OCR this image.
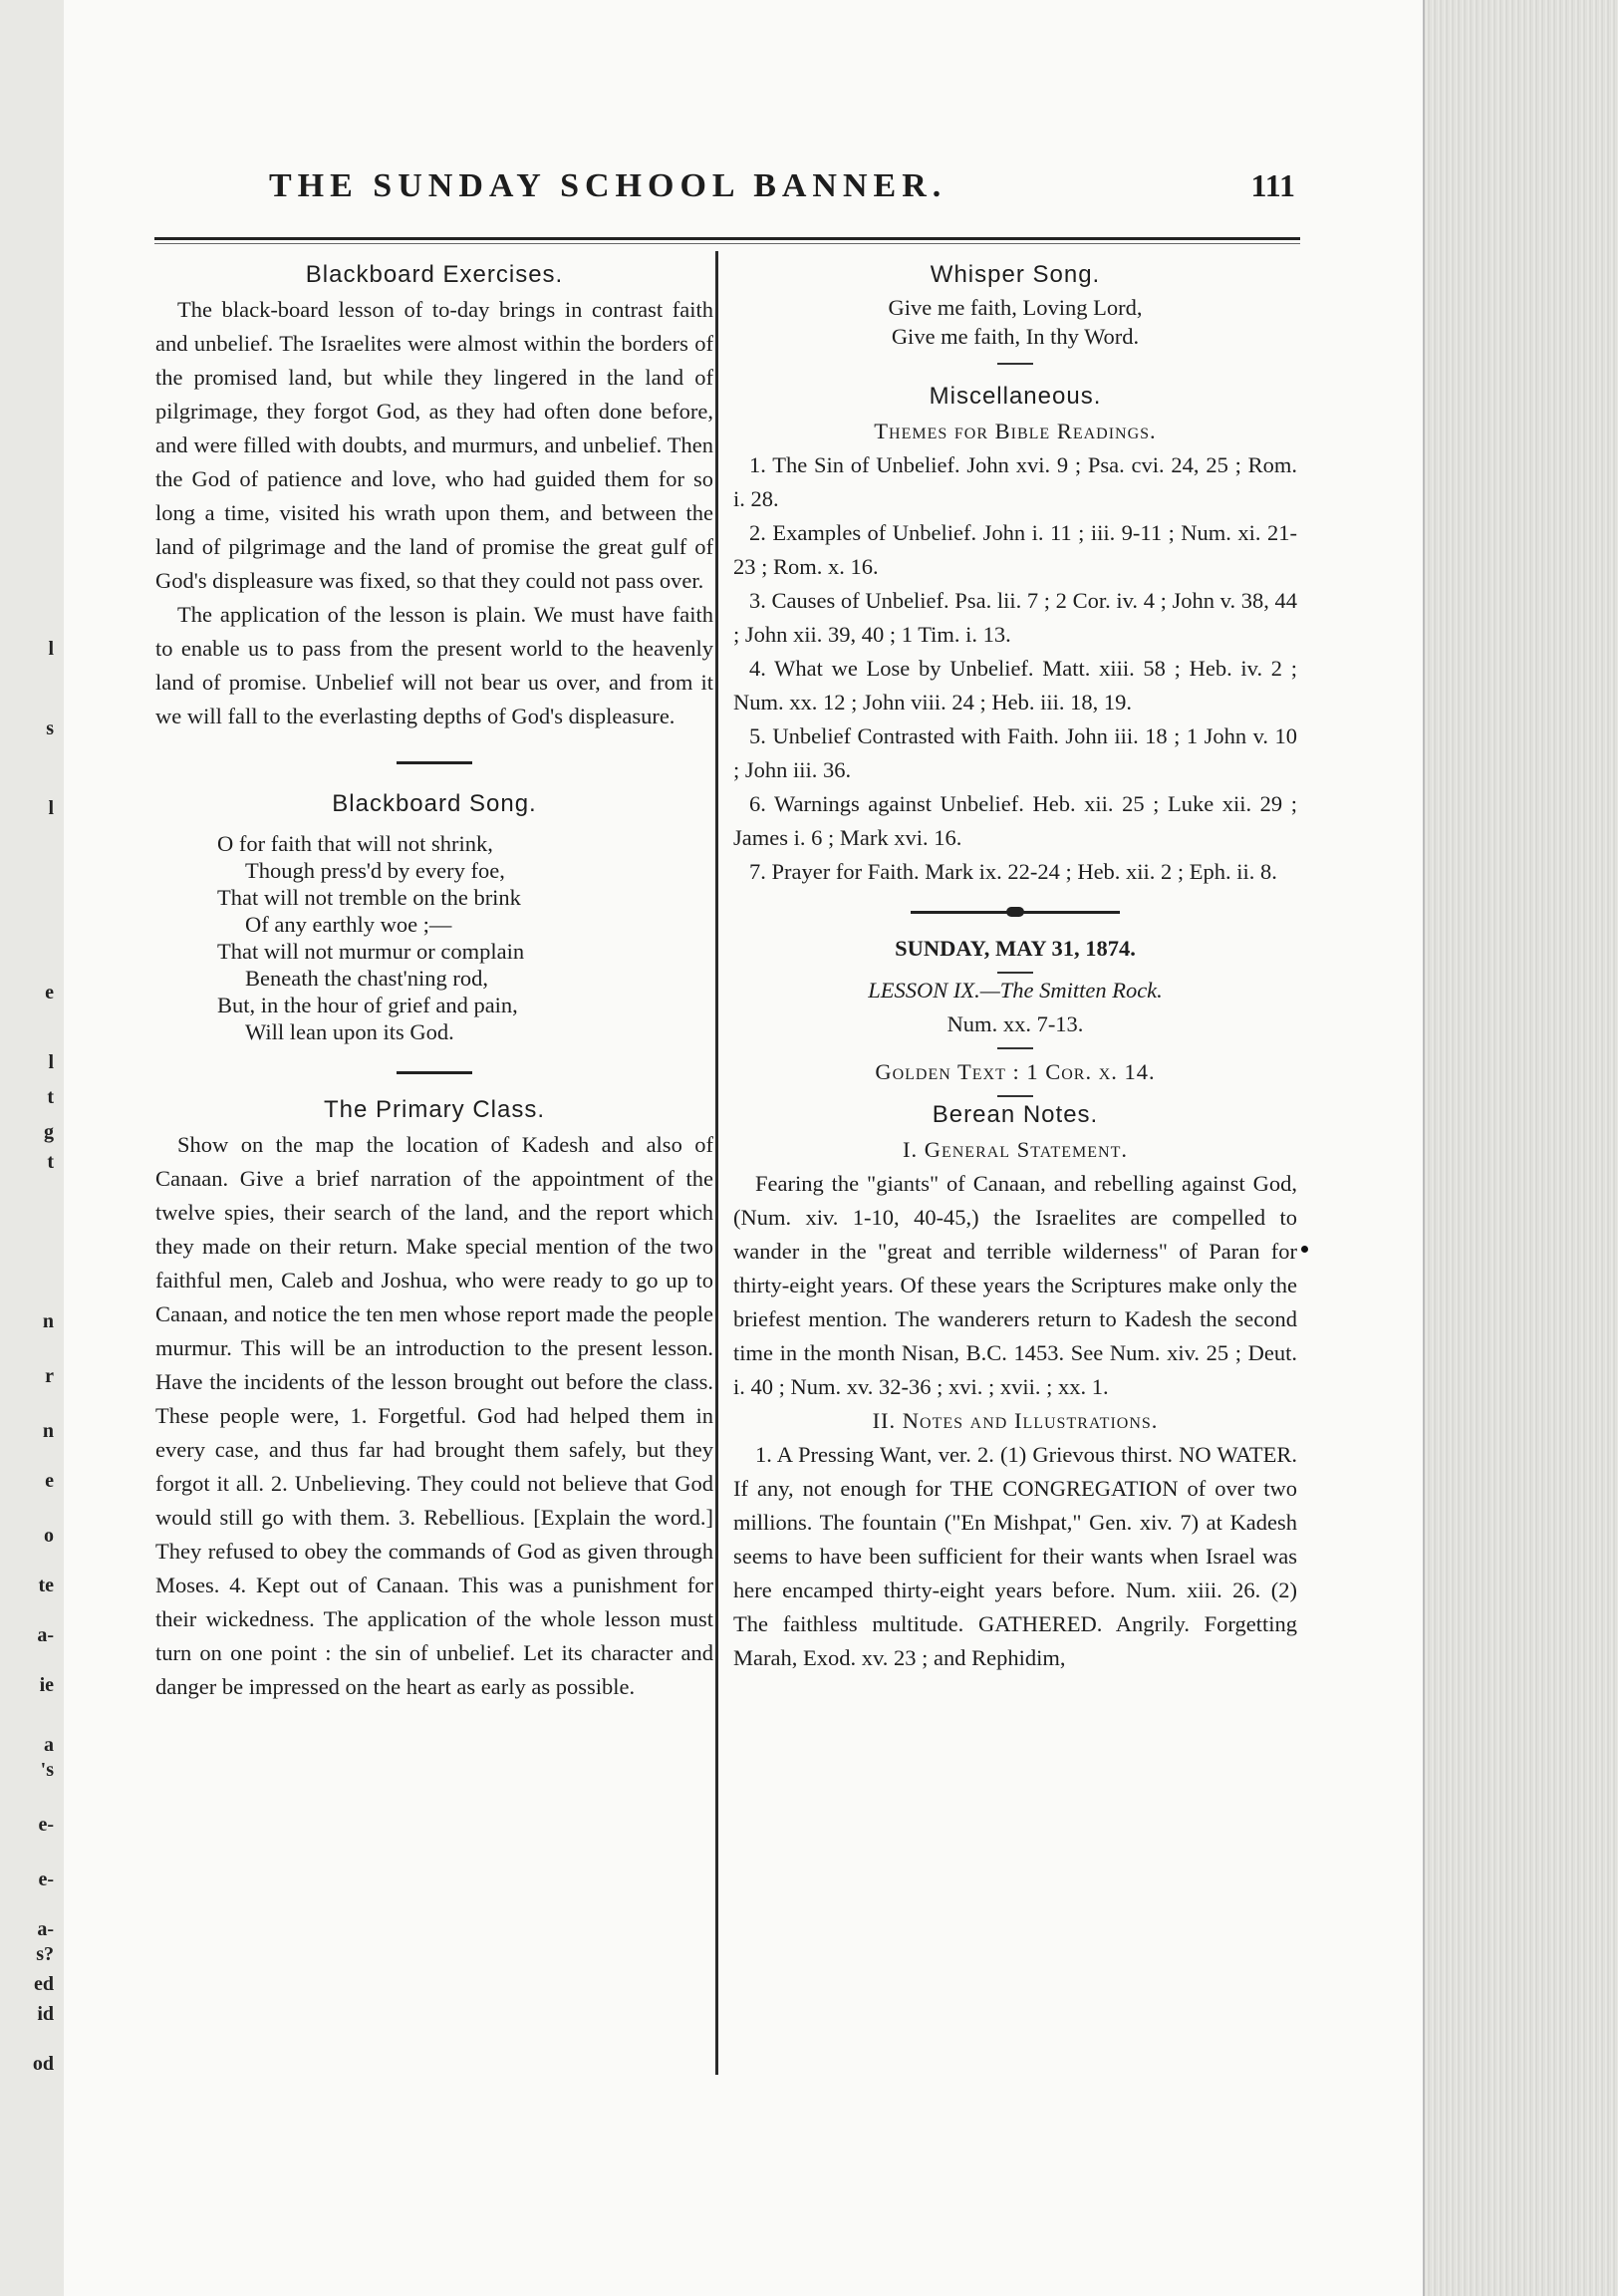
l
s
l
e
l
t
g
t
n
r
n
e
o
te
a-
ie
a
's
e-
e-
a-
s?
ed
id
od
THE SUNDAY SCHOOL BANNER.	111
Blackboard Exercises.

The black-board lesson of to-day brings in contrast faith and unbelief. The Israelites were almost within the borders of the promised land, but while they lingered in the land of pilgrimage, they forgot God, as they had often done before, and were filled with doubts, and murmurs, and unbelief. Then the God of patience and love, who had guided them for so long a time, visited his wrath upon them, and between the land of pilgrimage and the land of promise the great gulf of God's displeasure was fixed, so that they could not pass over.

The application of the lesson is plain. We must have faith to enable us to pass from the present world to the heavenly land of promise. Unbelief will not bear us over, and from it we will fall to the everlasting depths of God's displeasure.

Blackboard Song.
O for faith that will not shrink,
Though press'd by every foe,
That will not tremble on the brink
Of any earthly woe ;—
That will not murmur or complain
Beneath the chast'ning rod,
But, in the hour of grief and pain,
Will lean upon its God.
The Primary Class.

Show on the map the location of Kadesh and also of Canaan. Give a brief narration of the appointment of the twelve spies, their search of the land, and the report which they made on their return. Make special mention of the two faithful men, Caleb and Joshua, who were ready to go up to Canaan, and notice the ten men whose report made the people murmur. This will be an introduction to the present lesson. Have the incidents of the lesson brought out before the class. These people were, 1. Forgetful. God had helped them in every case, and thus far had brought them safely, but they forgot it all. 2. Unbelieving. They could not believe that God would still go with them. 3. Rebellious. [Explain the word.] They refused to obey the commands of God as given through Moses. 4. Kept out of Canaan. This was a punishment for their wickedness. The application of the whole lesson must turn on one point : the sin of unbelief. Let its character and danger be impressed on the heart as early as possible.

Whisper Song.
Give me faith, Loving Lord,
Give me faith, In thy Word.
Miscellaneous.
Themes for Bible Readings.

1. The Sin of Unbelief. John xvi. 9 ; Psa. cvi. 24, 25 ; Rom. i. 28.

2. Examples of Unbelief. John i. 11 ; iii. 9-11 ; Num. xi. 21-23 ; Rom. x. 16.

3. Causes of Unbelief. Psa. lii. 7 ; 2 Cor. iv. 4 ; John v. 38, 44 ; John xii. 39, 40 ; 1 Tim. i. 13.

4. What we Lose by Unbelief. Matt. xiii. 58 ; Heb. iv. 2 ; Num. xx. 12 ; John viii. 24 ; Heb. iii. 18, 19.

5. Unbelief Contrasted with Faith. John iii. 18 ; 1 John v. 10 ; John iii. 36.

6. Warnings against Unbelief. Heb. xii. 25 ; Luke xii. 29 ; James i. 6 ; Mark xvi. 16.

7. Prayer for Faith. Mark ix. 22-24 ; Heb. xii. 2 ; Eph. ii. 8.

SUNDAY, MAY 31, 1874.
LESSON IX.—The Smitten Rock.
Num. xx. 7-13.
Golden Text : 1 Cor. x. 14.
Berean Notes.
I. General Statement.

Fearing the "giants" of Canaan, and rebelling against God, (Num. xiv. 1-10, 40-45,) the Israelites are compelled to wander in the "great and terrible wilderness" of Paran for thirty-eight years. Of these years the Scriptures make only the briefest mention. The wanderers return to Kadesh the second time in the month Nisan, B.C. 1453. See Num. xiv. 25 ; Deut. i. 40 ; Num. xv. 32-36 ; xvi. ; xvii. ; xx. 1.

II. Notes and Illustrations.

1. A Pressing Want, ver. 2. (1) Grievous thirst. NO WATER. If any, not enough for THE CONGREGATION of over two millions. The fountain ("En Mishpat," Gen. xiv. 7) at Kadesh seems to have been sufficient for their wants when Israel was here encamped thirty-eight years before. Num. xiii. 26. (2) The faithless multitude. GATHERED. Angrily. Forgetting Marah, Exod. xv. 23 ; and Rephidim,
